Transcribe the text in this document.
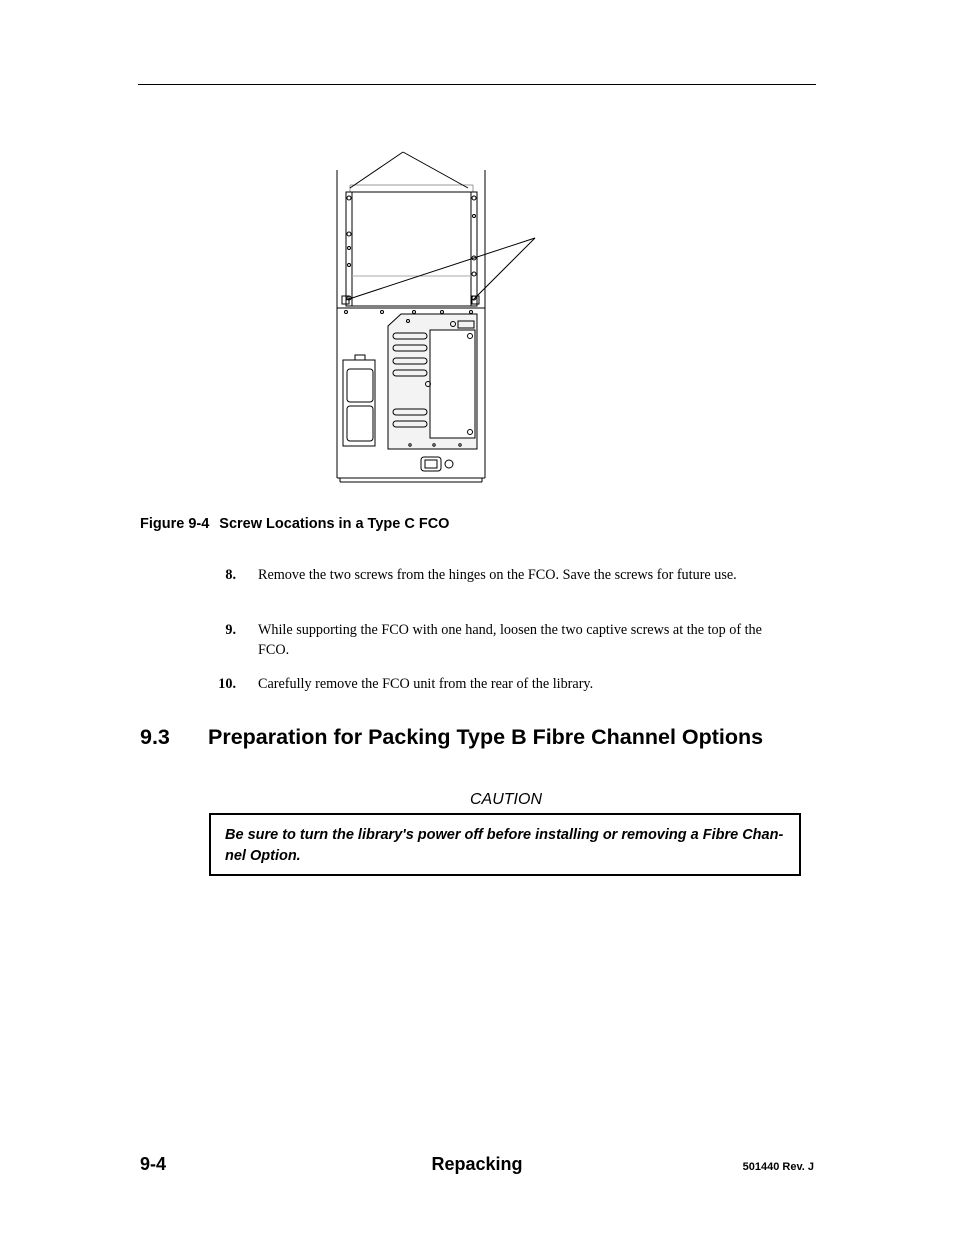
Figure 9-4 Screw Locations in a Type C FCO
8. Remove the two screws from the hinges on the FCO. Save the screws for future use.
9. While supporting the FCO with one hand, loosen the two captive screws at the top of the FCO.
10. Carefully remove the FCO unit from the rear of the library.
9.3 Preparation for Packing Type B Fibre Channel Options
CAUTION
Be sure to turn the library's power off before installing or removing a Fibre Chan-nel Option.
9-4	Repacking	501440 Rev. J
